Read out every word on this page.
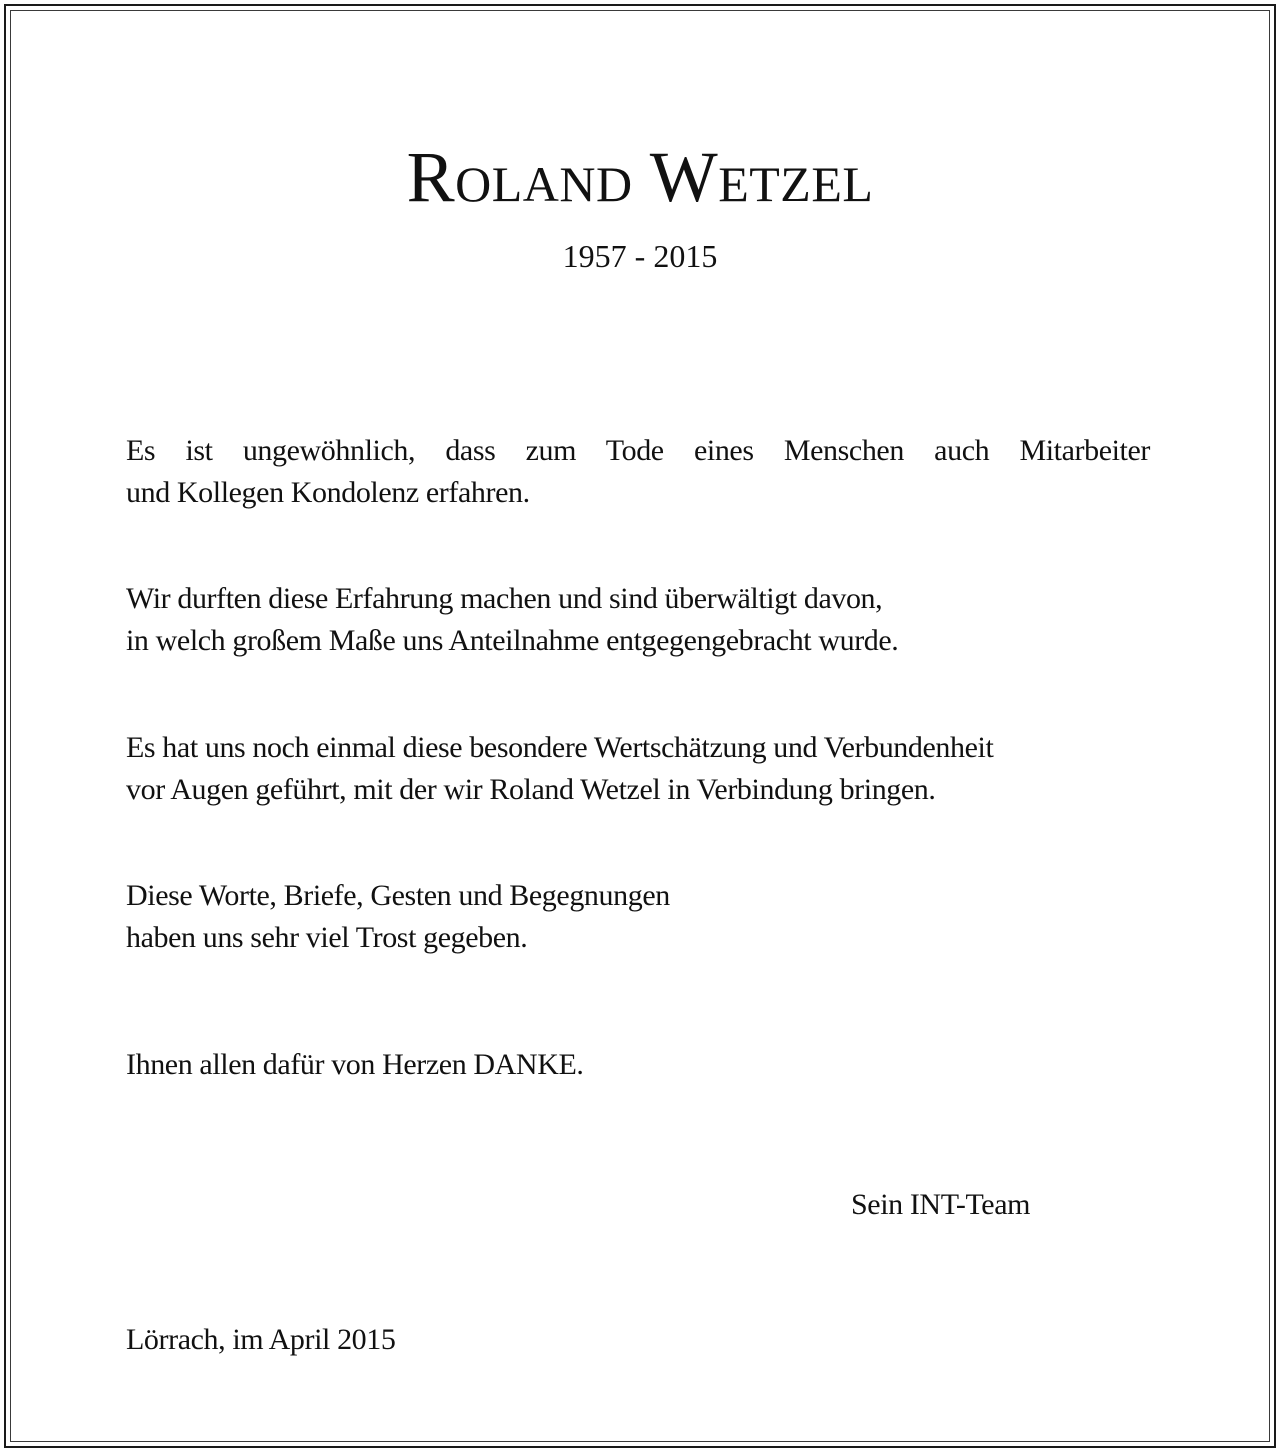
Roland Wetzel
1957 - 2015
Es ist ungewöhnlich, dass zum Tode eines Menschen auch Mitarbeiter
und Kollegen Kondolenz erfahren.
Wir durften diese Erfahrung machen und sind überwältigt davon,
in welch großem Maße uns Anteilnahme entgegengebracht wurde.
Es hat uns noch einmal diese besondere Wertschätzung und Verbundenheit
vor Augen geführt, mit der wir Roland Wetzel in Verbindung bringen.
Diese Worte, Briefe, Gesten und Begegnungen
haben uns sehr viel Trost gegeben.
Ihnen allen dafür von Herzen DANKE.
Sein INT-Team
Lörrach, im April 2015
